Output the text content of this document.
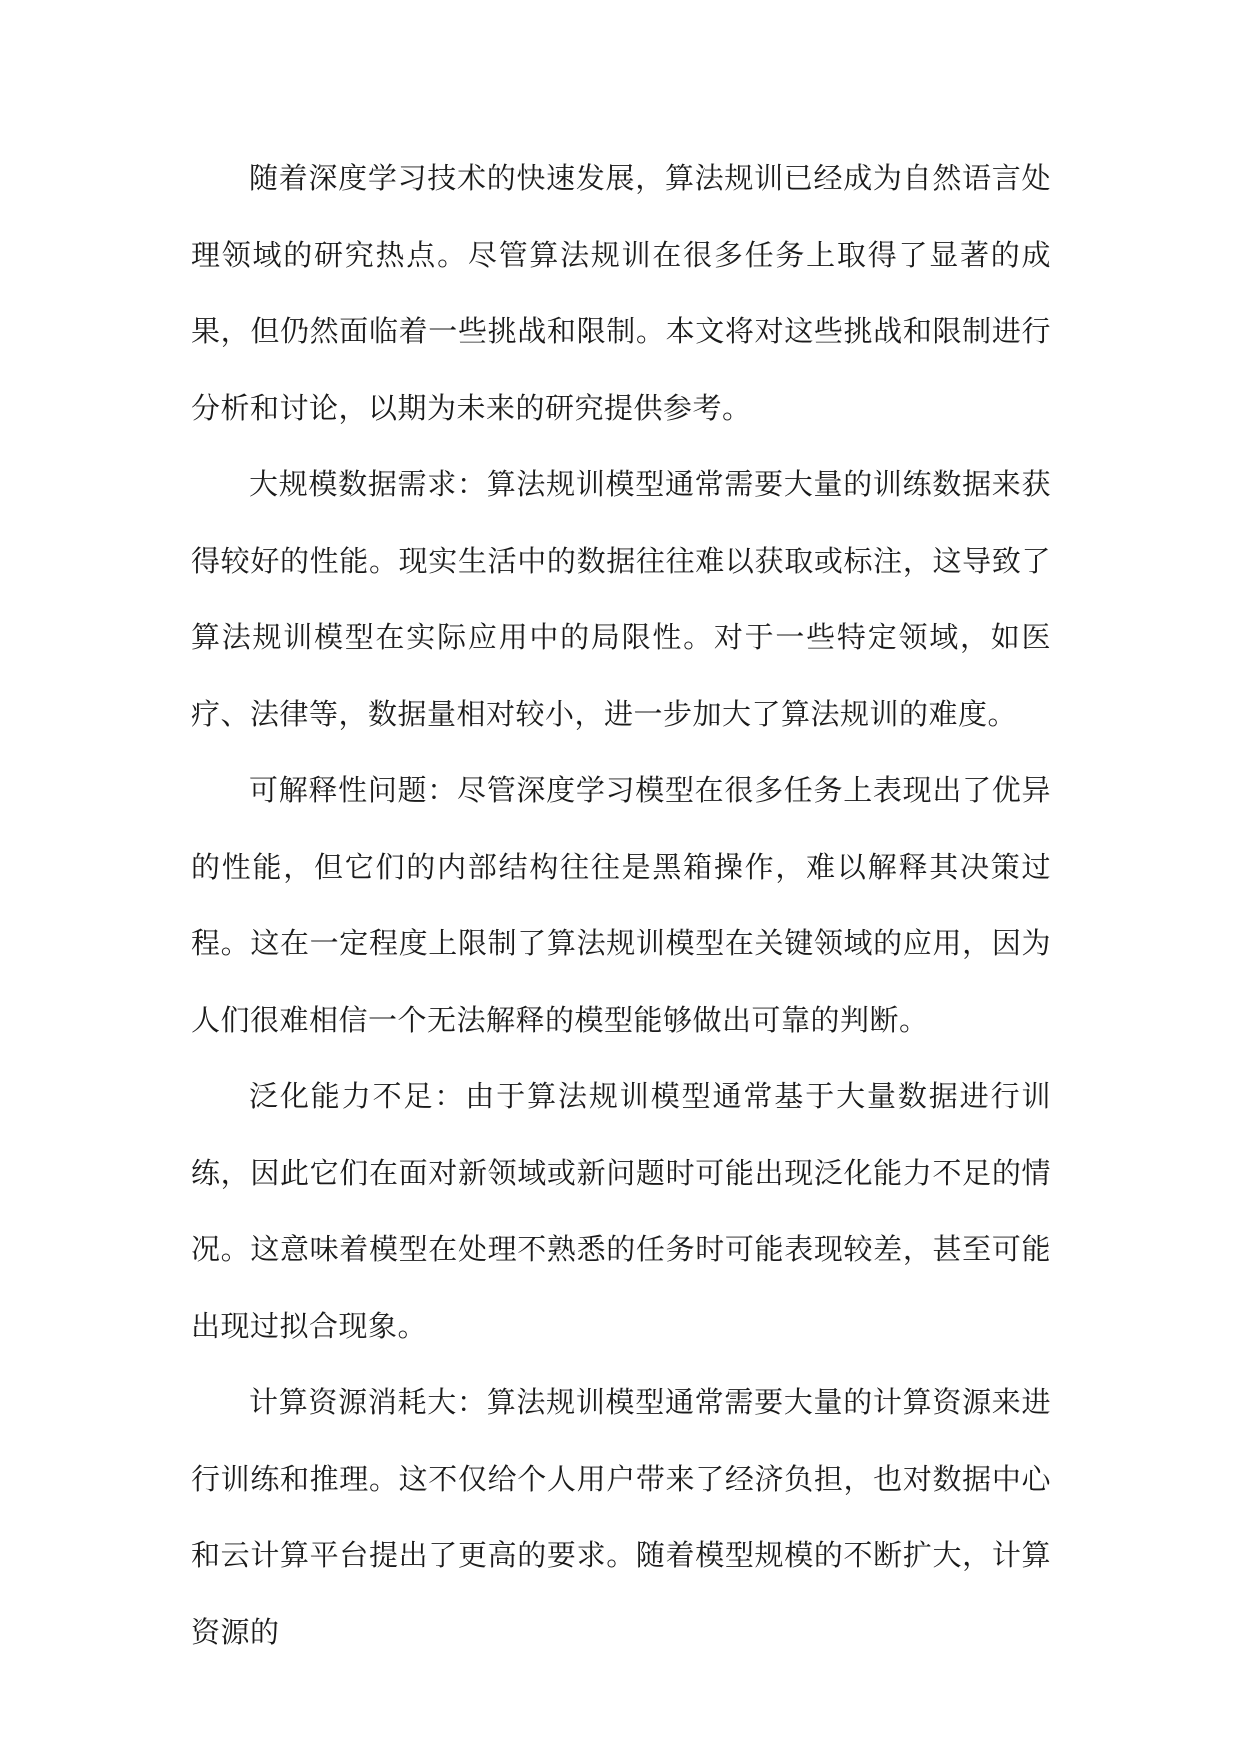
随着深度学习技术的快速发展，算法规训已经成为自然语言处理领域的研究热点。尽管算法规训在很多任务上取得了显著的成果，但仍然面临着一些挑战和限制。本文将对这些挑战和限制进行分析和讨论，以期为未来的研究提供参考。

大规模数据需求：算法规训模型通常需要大量的训练数据来获得较好的性能。现实生活中的数据往往难以获取或标注，这导致了算法规训模型在实际应用中的局限性。对于一些特定领域，如医疗、法律等，数据量相对较小，进一步加大了算法规训的难度。

可解释性问题：尽管深度学习模型在很多任务上表现出了优异的性能，但它们的内部结构往往是黑箱操作，难以解释其决策过程。这在一定程度上限制了算法规训模型在关键领域的应用，因为人们很难相信一个无法解释的模型能够做出可靠的判断。

泛化能力不足：由于算法规训模型通常基于大量数据进行训练，因此它们在面对新领域或新问题时可能出现泛化能力不足的情况。这意味着模型在处理不熟悉的任务时可能表现较差，甚至可能出现过拟合现象。

计算资源消耗大：算法规训模型通常需要大量的计算资源来进行训练和推理。这不仅给个人用户带来了经济负担，也对数据中心和云计算平台提出了更高的要求。随着模型规模的不断扩大，计算资源的
